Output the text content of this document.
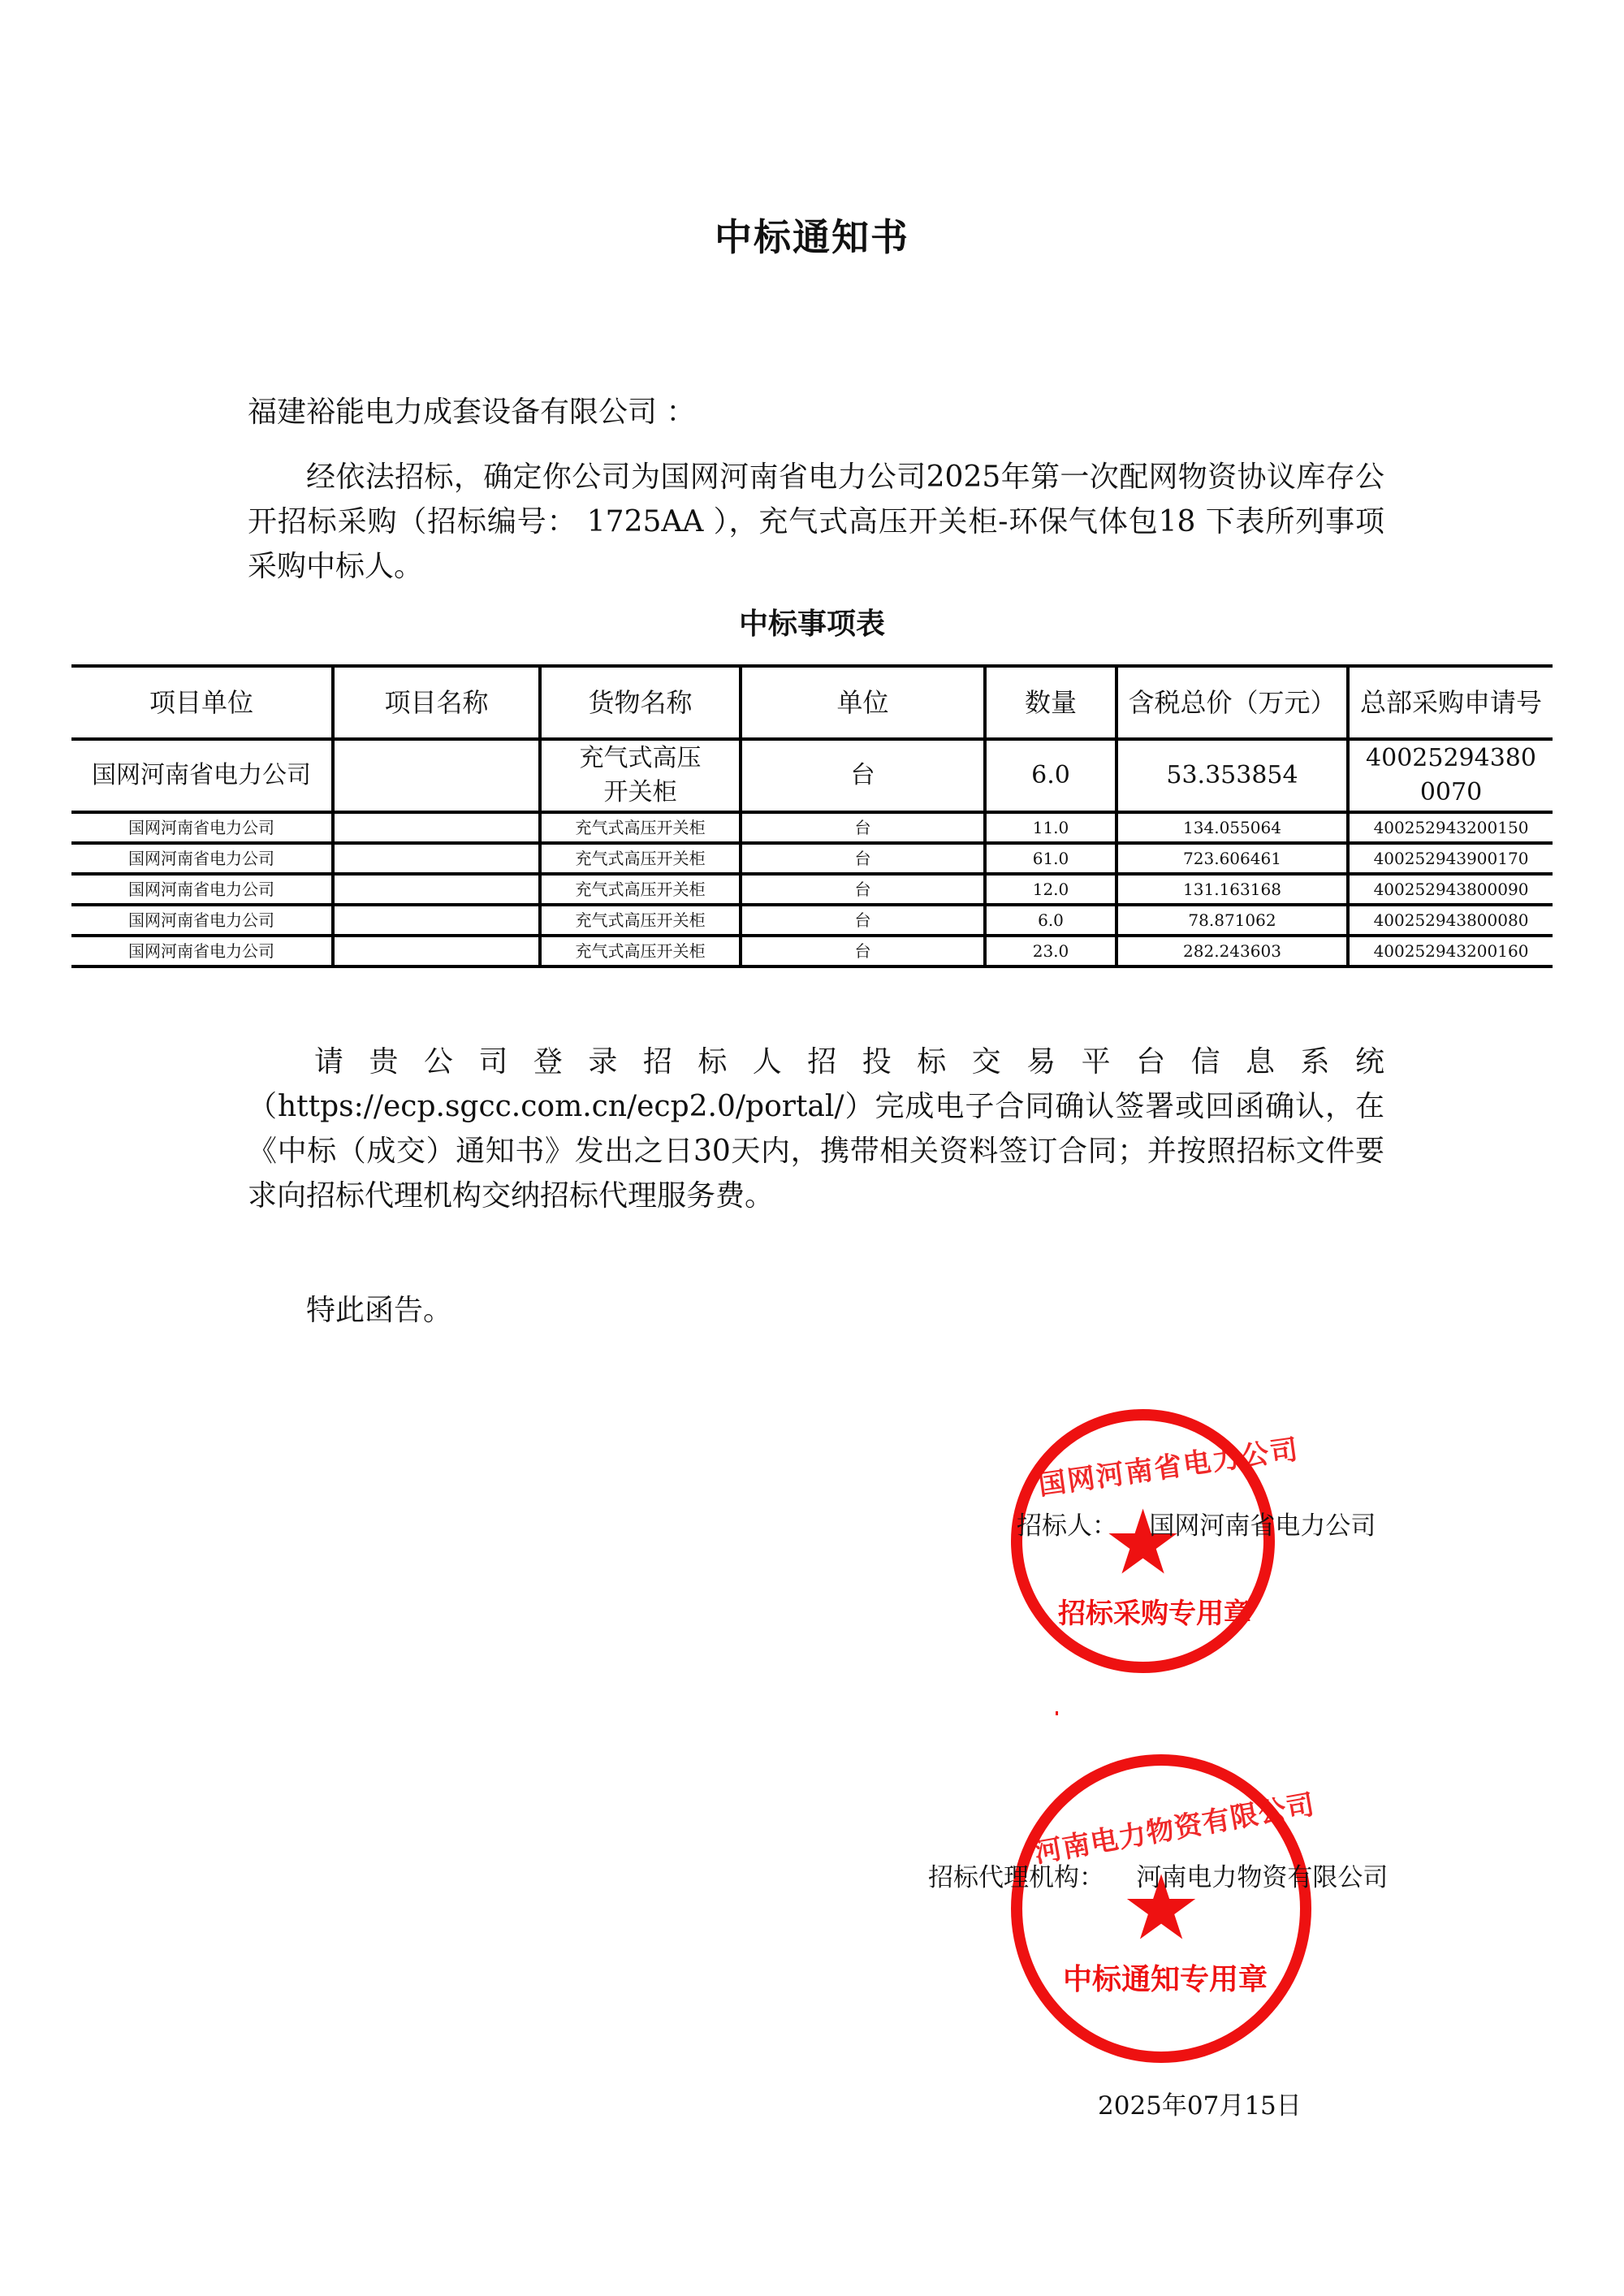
中标通知书
福建裕能电力成套设备有限公司 ：
经依法招标，确定你公司为国网河南省电力公司2025年第一次配网物资协议库存公开招标采购（招标编号： 1725AA ），充气式高压开关柜-环保气体包18 下表所列事项采购中标人。
中标事项表
项目单位	项目名称	货物名称	单位	数量	含税总价（万元）	总部采购申请号
国网河南省电力公司		充气式高压开关柜	台	6.0	53.353854	400252943800070
国网河南省电力公司		充气式高压开关柜	台	11.0	134.055064	400252943200150
国网河南省电力公司		充气式高压开关柜	台	61.0	723.606461	400252943900170
国网河南省电力公司		充气式高压开关柜	台	12.0	131.163168	400252943800090
国网河南省电力公司		充气式高压开关柜	台	6.0	78.871062	400252943800080
国网河南省电力公司		充气式高压开关柜	台	23.0	282.243603	400252943200160
请 贵 公 司 登 录 招 标 人 招 投 标 交 易 平 台 信 息 系 统（https://ecp.sgcc.com.cn/ecp2.0/portal/）完成电子合同确认签署或回函确认，在《中标（成交）通知书》发出之日30天内，携带相关资料签订合同；并按照招标文件要求向招标代理机构交纳招标代理服务费。
特此函告。
国网河南省电力公司
★
招标采购专用章
河南电力物资有限公司
★
中标通知专用章
招标人： 国网河南省电力公司
招标代理机构： 河南电力物资有限公司
2025年07月15日
